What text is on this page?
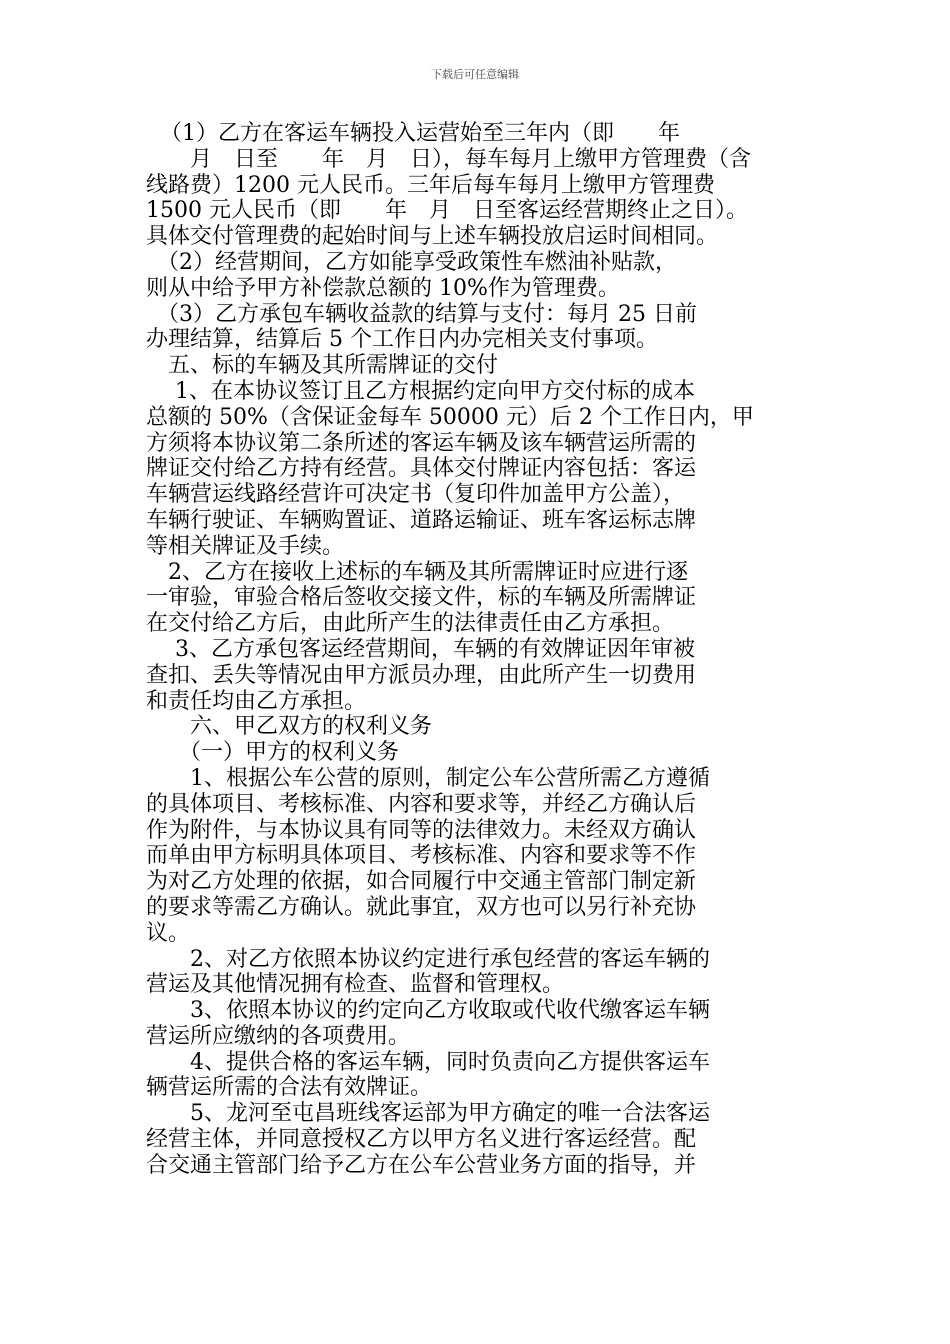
下载后可任意编辑
（1）乙方在客运车辆投入运营始至三年内（即　　年
　　月　日至　　年　月　日），每车每月上缴甲方管理费（含
线路费）1200 元人民币。三年后每车每月上缴甲方管理费
1500 元人民币（即　　年　月　日至客运经营期终止之日）。
具体交付管理费的起始时间与上述车辆投放启运时间相同。
　（2）经营期间，乙方如能享受政策性车燃油补贴款，
则从中给予甲方补偿款总额的 10%作为管理费。
　（3）乙方承包车辆收益款的结算与支付：每月 25 日前
办理结算，结算后 5 个工作日内办完相关支付事项。
　五、标的车辆及其所需牌证的交付
　 1、在本协议签订且乙方根据约定向甲方交付标的成本
总额的 50%（含保证金每车 50000 元）后 2 个工作日内，甲
方须将本协议第二条所述的客运车辆及该车辆营运所需的
牌证交付给乙方持有经营。具体交付牌证内容包括：客运
车辆营运线路经营许可决定书（复印件加盖甲方公盖），
车辆行驶证、车辆购置证、道路运输证、班车客运标志牌
等相关牌证及手续。
　2、乙方在接收上述标的车辆及其所需牌证时应进行逐
一审验，审验合格后签收交接文件，标的车辆及所需牌证
在交付给乙方后，由此所产生的法律责任由乙方承担。
　 3、乙方承包客运经营期间，车辆的有效牌证因年审被
查扣、丢失等情况由甲方派员办理，由此所产生一切费用
和责任均由乙方承担。
　　六、甲乙双方的权利义务
　　（一）甲方的权利义务
　　1、根据公车公营的原则，制定公车公营所需乙方遵循
的具体项目、考核标准、内容和要求等，并经乙方确认后
作为附件，与本协议具有同等的法律效力。未经双方确认
而单由甲方标明具体项目、考核标准、内容和要求等不作
为对乙方处理的依据，如合同履行中交通主管部门制定新
的要求等需乙方确认。就此事宜，双方也可以另行补充协
议。
　　2、对乙方依照本协议约定进行承包经营的客运车辆的
营运及其他情况拥有检查、监督和管理权。
　　3、依照本协议的约定向乙方收取或代收代缴客运车辆
营运所应缴纳的各项费用。
　　4、提供合格的客运车辆，同时负责向乙方提供客运车
辆营运所需的合法有效牌证。
　　5、龙河至屯昌班线客运部为甲方确定的唯一合法客运
经营主体，并同意授权乙方以甲方名义进行客运经营。配
合交通主管部门给予乙方在公车公营业务方面的指导，并
